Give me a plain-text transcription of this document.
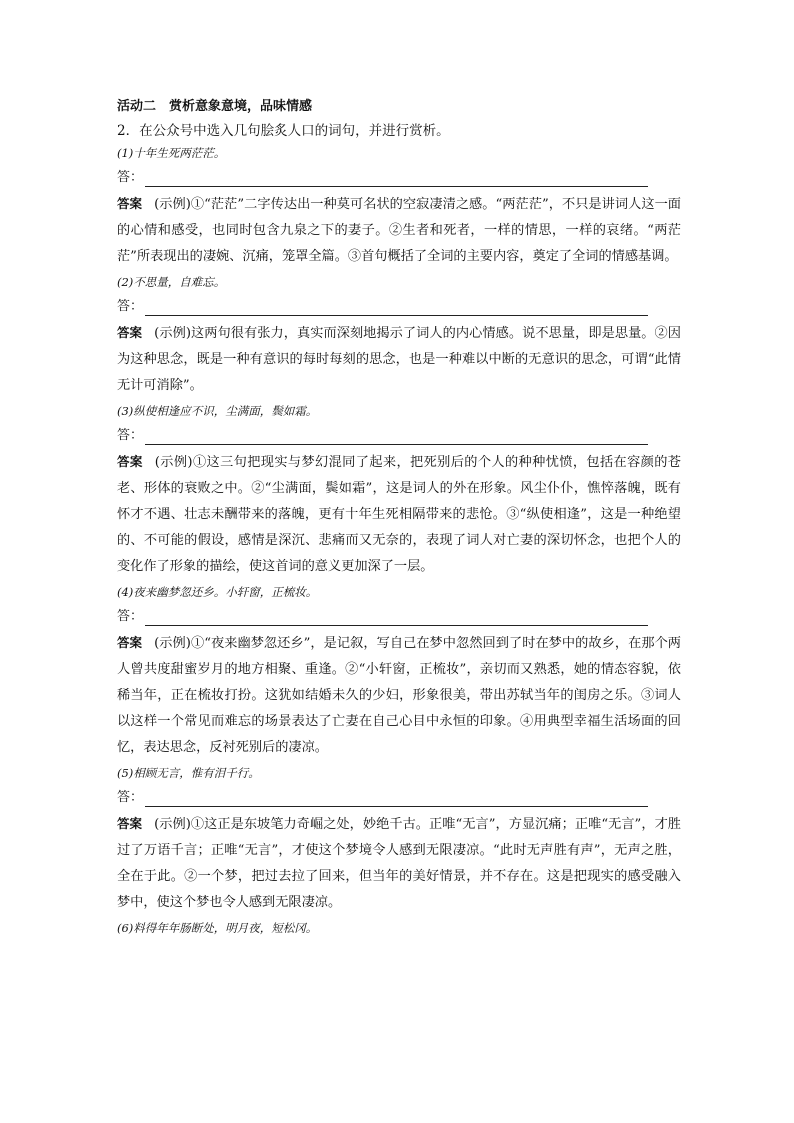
活动二　赏析意象意境，品味情感
2．在公众号中选入几句脍炙人口的词句，并进行赏析。
(1)十年生死两茫茫。
答：

答案 (示例)①“茫茫”二字传达出一种莫可名状的空寂凄清之感。“两茫茫”，不只是讲词人这一面的心情和感受，也同时包含九泉之下的妻子。②生者和死者，一样的情思，一样的哀绪。“两茫茫”所表现出的凄婉、沉痛，笼罩全篇。③首句概括了全词的主要内容，奠定了全词的情感基调。

(2)不思量，自难忘。
答：

答案 (示例)这两句很有张力，真实而深刻地揭示了词人的内心情感。说不思量，即是思量。②因为这种思念，既是一种有意识的每时每刻的思念，也是一种难以中断的无意识的思念，可谓“此情无计可消除”。

(3)纵使相逢应不识，尘满面，鬓如霜。
答：

答案 (示例)①这三句把现实与梦幻混同了起来，把死别后的个人的种种忧愤，包括在容颜的苍老、形体的衰败之中。②“尘满面，鬓如霜”，这是词人的外在形象。风尘仆仆，憔悴落魄，既有怀才不遇、壮志未酬带来的落魄，更有十年生死相隔带来的悲怆。③“纵使相逢”，这是一种绝望的、不可能的假设，感情是深沉、悲痛而又无奈的，表现了词人对亡妻的深切怀念，也把个人的变化作了形象的描绘，使这首词的意义更加深了一层。

(4)夜来幽梦忽还乡。小轩窗，正梳妆。
答：

答案 (示例)①“夜来幽梦忽还乡”，是记叙，写自己在梦中忽然回到了时在梦中的故乡，在那个两人曾共度甜蜜岁月的地方相聚、重逢。②“小轩窗，正梳妆”，亲切而又熟悉，她的情态容貌，依稀当年，正在梳妆打扮。这犹如结婚未久的少妇，形象很美，带出苏轼当年的闺房之乐。③词人以这样一个常见而难忘的场景表达了亡妻在自己心目中永恒的印象。④用典型幸福生活场面的回忆，表达思念，反衬死别后的凄凉。

(5)相顾无言，惟有泪千行。
答：

答案 (示例)①这正是东坡笔力奇崛之处，妙绝千古。正唯“无言”，方显沉痛；正唯“无言”，才胜过了万语千言；正唯“无言”，才使这个梦境令人感到无限凄凉。“此时无声胜有声”，无声之胜，全在于此。②一个梦，把过去拉了回来，但当年的美好情景，并不存在。这是把现实的感受融入梦中，使这个梦也令人感到无限凄凉。

(6)料得年年肠断处，明月夜，短松冈。
